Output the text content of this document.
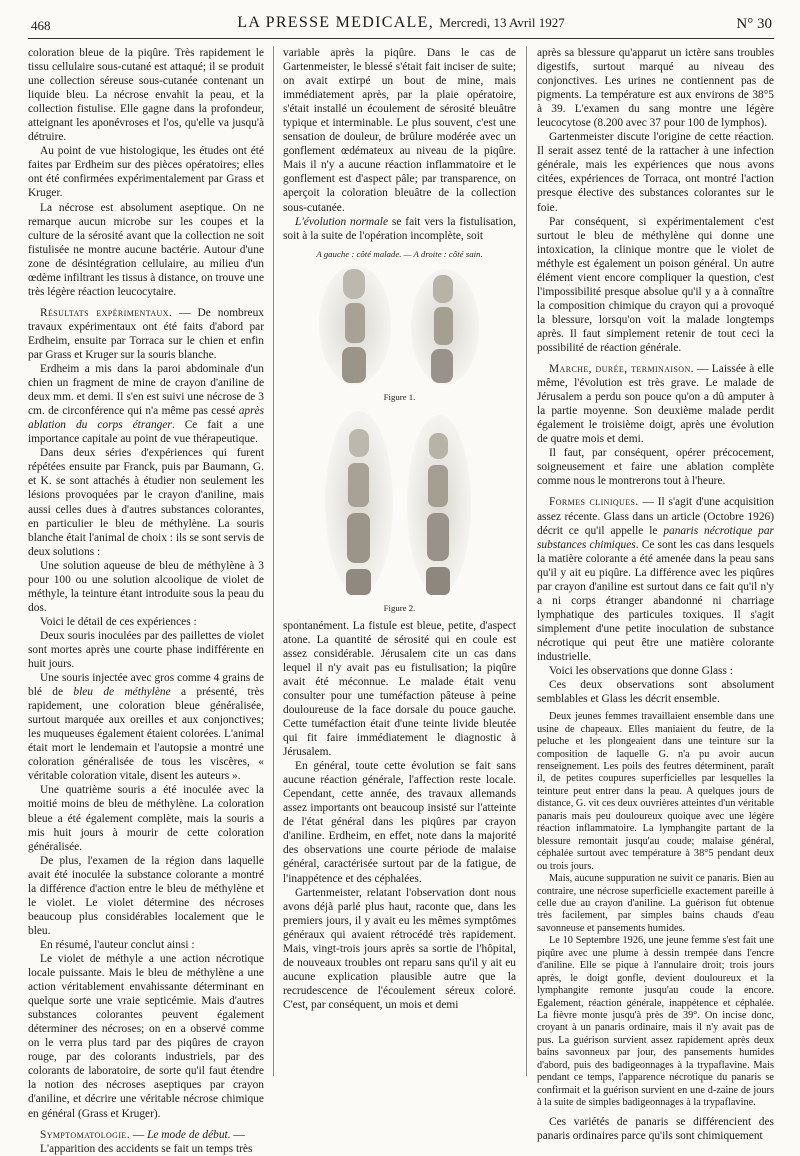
468	LA PRESSE MEDICALE, Mercredi, 13 Avril 1927	N° 30

coloration bleue de la piqûre. Très rapidement le tissu cellulaire sous-cutané est attaqué; il se produit une collection séreuse sous-cutanée contenant un liquide bleu. La nécrose envahit la peau, et la collection fistulise. Elle gagne dans la profondeur, atteignant les aponévroses et l'os, qu'elle va jusqu'à détruire.

Au point de vue histologique, les études ont été faites par Erdheim sur des pièces opératoires; elles ont été confirmées expérimentalement par Grass et Kruger.

La nécrose est absolument aseptique. On ne remarque aucun microbe sur les coupes et la culture de la sérosité avant que la collection ne soit fistulisée ne montre aucune bactérie. Autour d'une zone de désintégration cellulaire, au milieu d'un œdème infiltrant les tissus à distance, on trouve une très légère réaction leucocytaire.

Résultats expérimentaux. — De nombreux travaux expérimentaux ont été faits d'abord par Erdheim, ensuite par Torraca sur le chien et enfin par Grass et Kruger sur la souris blanche.

Erdheim a mis dans la paroi abdominale d'un chien un fragment de mine de crayon d'aniline de deux mm. et demi. Il s'en est suivi une nécrose de 3 cm. de circonférence qui n'a même pas cessé après ablation du corps étranger. Ce fait a une importance capitale au point de vue thérapeutique.

Dans deux séries d'expériences qui furent répétées ensuite par Franck, puis par Baumann, G. et K. se sont attachés à étudier non seulement les lésions provoquées par le crayon d'aniline, mais aussi celles dues à d'autres substances colorantes, en particulier le bleu de méthylène. La souris blanche était l'animal de choix : ils se sont servis de deux solutions :

Une solution aqueuse de bleu de méthylène à 3 pour 100 ou une solution alcoolique de violet de méthyle, la teinture étant introduite sous la peau du dos.

Voici le détail de ces expériences :

Deux souris inoculées par des paillettes de violet sont mortes après une courte phase indifférente en huit jours.

Une souris injectée avec gros comme 4 grains de blé de bleu de méthylène a présenté, très rapidement, une coloration bleue généralisée, surtout marquée aux oreilles et aux conjonctives; les muqueuses également étaient colorées. L'animal était mort le lendemain et l'autopsie a montré une coloration généralisée de tous les viscères, « véritable coloration vitale, disent les auteurs ».

Une quatrième souris a été inoculée avec la moitié moins de bleu de méthylène. La coloration bleue a été également complète, mais la souris a mis huit jours à mourir de cette coloration généralisée.

De plus, l'examen de la région dans laquelle avait été inoculée la substance colorante a montré la différence d'action entre le bleu de méthylène et le violet. Le violet détermine des nécroses beaucoup plus considérables localement que le bleu.

En résumé, l'auteur conclut ainsi :

Le violet de méthyle a une action nécrotique locale puissante. Mais le bleu de méthylène a une action véritablement envahissante déterminant en quelque sorte une vraie septicémie. Mais d'autres substances colorantes peuvent également déterminer des nécroses; on en a observé comme on le verra plus tard par des piqûres de crayon rouge, par des colorants industriels, par des colorants de laboratoire, de sorte qu'il faut étendre la notion des nécroses aseptiques par crayon d'aniline, et décrire une véritable nécrose chimique en général (Grass et Kruger).

Symptomatologie. — Le mode de début. —

L'apparition des accidents se fait un temps très

variable après la piqûre. Dans le cas de Gartenmeister, le blessé s'était fait inciser de suite; on avait extirpé un bout de mine, mais immédiatement après, par la plaie opératoire, s'était installé un écoulement de sérosité bleuâtre typique et interminable. Le plus souvent, c'est une sensation de douleur, de brûlure modérée avec un gonflement œdémateux au niveau de la piqûre. Mais il n'y a aucune réaction inflammatoire et le gonflement est d'aspect pâle; par transparence, on aperçoit la coloration bleuâtre de la collection sous-cutanée.

L'évolution normale se fait vers la fistulisation, soit à la suite de l'opération incomplète, soit

A gauche : côté malade. — A droite : côté sain.
Figure 1.
Figure 2.

spontanément. La fistule est bleue, petite, d'aspect atone. La quantité de sérosité qui en coule est assez considérable. Jérusalem cite un cas dans lequel il n'y avait pas eu fistulisation; la piqûre avait été méconnue. Le malade était venu consulter pour une tuméfaction pâteuse à peine douloureuse de la face dorsale du pouce gauche. Cette tuméfaction était d'une teinte livide bleutée qui fit faire immédiatement le diagnostic à Jérusalem.

En général, toute cette évolution se fait sans aucune réaction générale, l'affection reste locale. Cependant, cette année, des travaux allemands assez importants ont beaucoup insisté sur l'atteinte de l'état général dans les piqûres par crayon d'aniline. Erdheim, en effet, note dans la majorité des observations une courte période de malaise général, caractérisée surtout par de la fatigue, de l'inappétence et des céphalées.

Gartenmeister, relatant l'observation dont nous avons déjà parlé plus haut, raconte que, dans les premiers jours, il y avait eu les mêmes symptômes généraux qui avaient rétrocédé très rapidement. Mais, vingt-trois jours après sa sortie de l'hôpital, de nouveaux troubles ont reparu sans qu'il y ait eu aucune explication plausible autre que la recrudescence de l'écoulement séreux coloré. C'est, par conséquent, un mois et demi

après sa blessure qu'apparut un ictère sans troubles digestifs, surtout marqué au niveau des conjonctives. Les urines ne contiennent pas de pigments. La température est aux environs de 38°5 à 39. L'examen du sang montre une légère leucocytose (8.200 avec 37 pour 100 de lymphos).

Gartenmeister discute l'origine de cette réaction. Il serait assez tenté de la rattacher à une infection générale, mais les expériences que nous avons citées, expériences de Torraca, ont montré l'action presque élective des substances colorantes sur le foie.

Par conséquent, si expérimentalement c'est surtout le bleu de méthylène qui donne une intoxication, la clinique montre que le violet de méthyle est également un poison général. Un autre élément vient encore compliquer la question, c'est l'impossibilité presque absolue qu'il y a à connaître la composition chimique du crayon qui a provoqué la blessure, lorsqu'on voit la malade longtemps après. Il faut simplement retenir de tout ceci la possibilité de réaction générale.

Marche, durée, terminaison. — Laissée à elle même, l'évolution est très grave. Le malade de Jérusalem a perdu son pouce qu'on a dû amputer à la partie moyenne. Son deuxième malade perdit également le troisième doigt, après une évolution de quatre mois et demi.

Il faut, par conséquent, opérer précocement, soigneusement et faire une ablation complète comme nous le montrerons tout à l'heure.

Formes cliniques. — Il s'agit d'une acquisition assez récente. Glass dans un article (Octobre 1926) décrit ce qu'il appelle le panaris nécrotique par substances chimiques. Ce sont les cas dans lesquels la matière colorante a été amenée dans la peau sans qu'il y ait eu piqûre. La différence avec les piqûres par crayon d'aniline est surtout dans ce fait qu'il n'y a ni corps étranger abandonné ni charriage lymphatique des particules toxiques. Il s'agit simplement d'une petite inoculation de substance nécrotique qui peut être une matière colorante industrielle.

Voici les observations que donne Glass :

Ces deux observations sont absolument semblables et Glass les décrit ensemble.

Deux jeunes femmes travaillaient ensemble dans une usine de chapeaux. Elles maniaient du feutre, de la peluche et les plongeaient dans une teinture sur la composition de laquelle G. n'a pu avoir aucun renseignement. Les poils des feutres déterminent, paraît il, de petites coupures superficielles par lesquelles la teinture peut entrer dans la peau. A quelques jours de distance, G. vit ces deux ouvrières atteintes d'un véritable panaris mais peu douloureux quoique avec une légère réaction inflammatoire. La lymphangite partant de la blessure remontait jusqu'au coude; malaise général, céphalée surtout avec température à 38°5 pendant deux ou trois jours.

Mais, aucune suppuration ne suivit ce panaris. Bien au contraire, une nécrose superficielle exactement pareille à celle due au crayon d'aniline. La guérison fut obtenue très facilement, par simples bains chauds d'eau savonneuse et pansements humides.

Le 10 Septembre 1926, une jeune femme s'est fait une piqûre avec une plume à dessin trempée dans l'encre d'aniline. Elle se pique à l'annulaire droit; trois jours après, le doigt gonfle, devient douloureux et la lymphangite remonte jusqu'au coude la encore. Egalement, réaction générale, inappétence et céphalée. La fièvre monte jusqu'à près de 39°. On incise donc, croyant à un panaris ordinaire, mais il n'y avait pas de pus. La guérison survient assez rapidement après deux bains savonneux par jour, des pansements humides d'abord, puis des badigeonnages à la trypaflavine. Mais pendant ce temps, l'apparence nécrotique du panaris se confirmait et la guérison survient en une d-zaine de jours à la suite de simples badigeonnages à la trypaflavine.

Ces variétés de panaris se différencient des panaris ordinaires parce qu'ils sont chimiquement
